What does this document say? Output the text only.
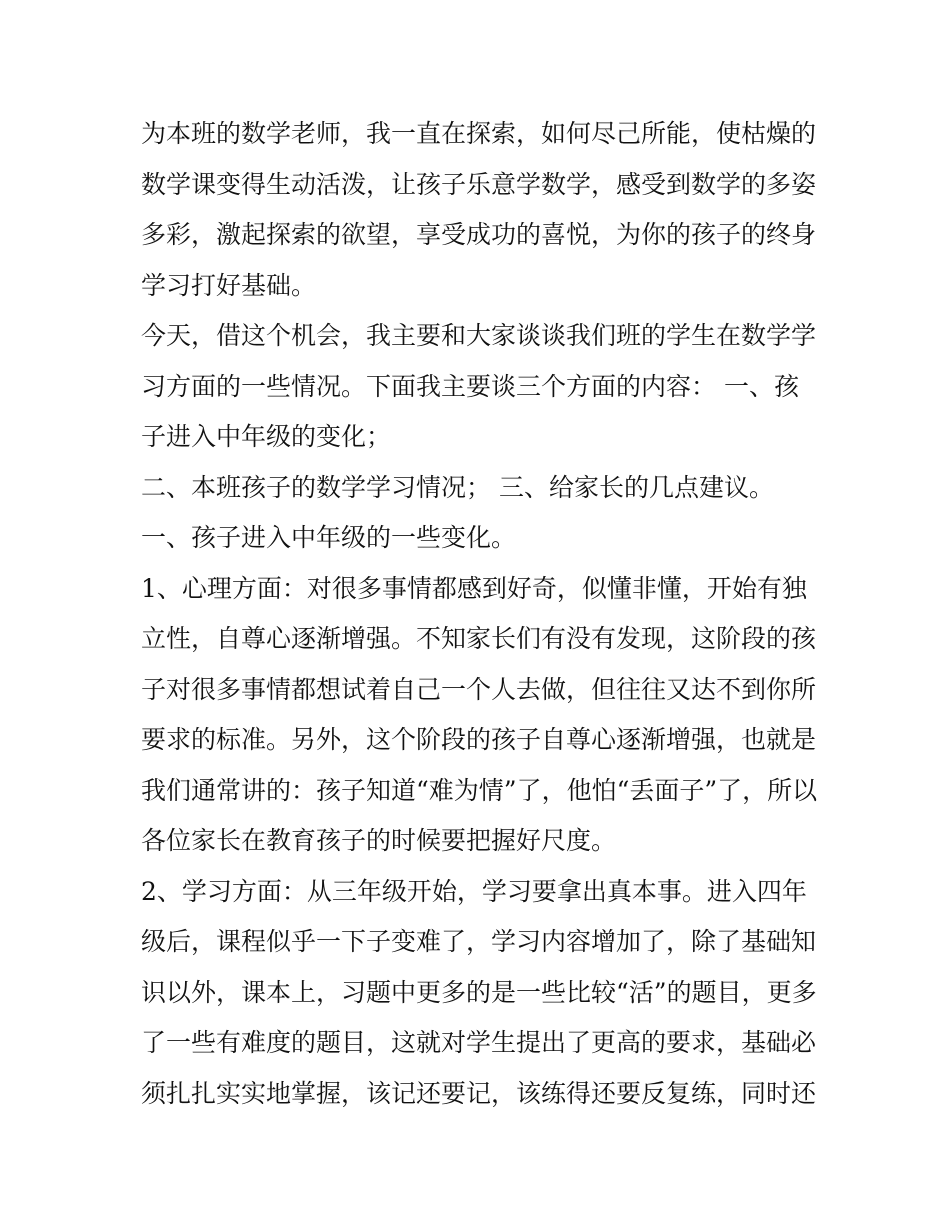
为本班的数学老师，我一直在探索，如何尽己所能，使枯燥的
数学课变得生动活泼，让孩子乐意学数学，感受到数学的多姿
多彩，激起探索的欲望，享受成功的喜悦，为你的孩子的终身
学习打好基础。
今天，借这个机会，我主要和大家谈谈我们班的学生在数学学
习方面的一些情况。下面我主要谈三个方面的内容： 一、孩
子进入中年级的变化；
二、本班孩子的数学学习情况； 三、给家长的几点建议。
一、孩子进入中年级的一些变化。
1、心理方面：对很多事情都感到好奇，似懂非懂，开始有独
立性，自尊心逐渐增强。不知家长们有没有发现，这阶段的孩
子对很多事情都想试着自己一个人去做，但往往又达不到你所
要求的标准。另外，这个阶段的孩子自尊心逐渐增强，也就是
我们通常讲的：孩子知道“难为情”了，他怕“丢面子”了，所以
各位家长在教育孩子的时候要把握好尺度。
2、学习方面：从三年级开始，学习要拿出真本事。进入四年
级后，课程似乎一下子变难了，学习内容增加了，除了基础知
识以外，课本上，习题中更多的是一些比较“活”的题目，更多
了一些有难度的题目，这就对学生提出了更高的要求，基础必
须扎扎实实地掌握，该记还要记，该练得还要反复练，同时还
